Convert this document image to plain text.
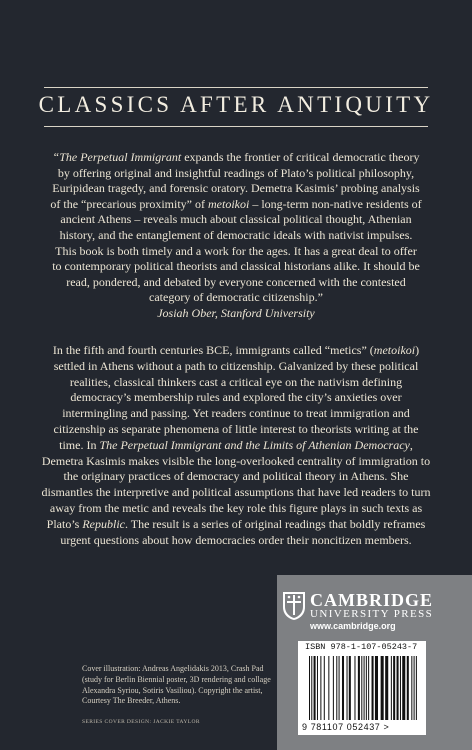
CLASSICS AFTER ANTIQUITY
“The Perpetual Immigrant expands the frontier of critical democratic theory by offering original and insightful readings of Plato’s political philosophy, Euripidean tragedy, and forensic oratory. Demetra Kasimis’ probing analysis of the “precarious proximity” of metoikoi – long-term non-native residents of ancient Athens – reveals much about classical political thought, Athenian history, and the entanglement of democratic ideals with nativist impulses. This book is both timely and a work for the ages. It has a great deal to offer to contemporary political theorists and classical historians alike. It should be read, pondered, and debated by everyone concerned with the contested category of democratic citizenship.”
Josiah Ober, Stanford University
In the fifth and fourth centuries BCE, immigrants called “metics” (metoikoi) settled in Athens without a path to citizenship. Galvanized by these political realities, classical thinkers cast a critical eye on the nativism defining democracy’s membership rules and explored the city’s anxieties over intermingling and passing. Yet readers continue to treat immigration and citizenship as separate phenomena of little interest to theorists writing at the time. In The Perpetual Immigrant and the Limits of Athenian Democracy, Demetra Kasimis makes visible the long-overlooked centrality of immigration to the originary practices of democracy and political theory in Athens. She dismantles the interpretive and political assumptions that have led readers to turn away from the metic and reveals the key role this figure plays in such texts as Plato’s Republic. The result is a series of original readings that boldly reframes urgent questions about how democracies order their noncitizen members.
Cover illustration: Andreas Angelidakis 2013, Crash Pad (study for Berlin Biennial poster, 3D rendering and collage Alexandra Syriou, Sotiris Vasiliou). Copyright the artist, Courtesy The Breeder, Athens.
SERIES COVER DESIGN: JACKIE TAYLOR
CAMBRIDGE
UNIVERSITY PRESS
www.cambridge.org
ISBN 978-1-107-05243-7
9 781107 052437 >
